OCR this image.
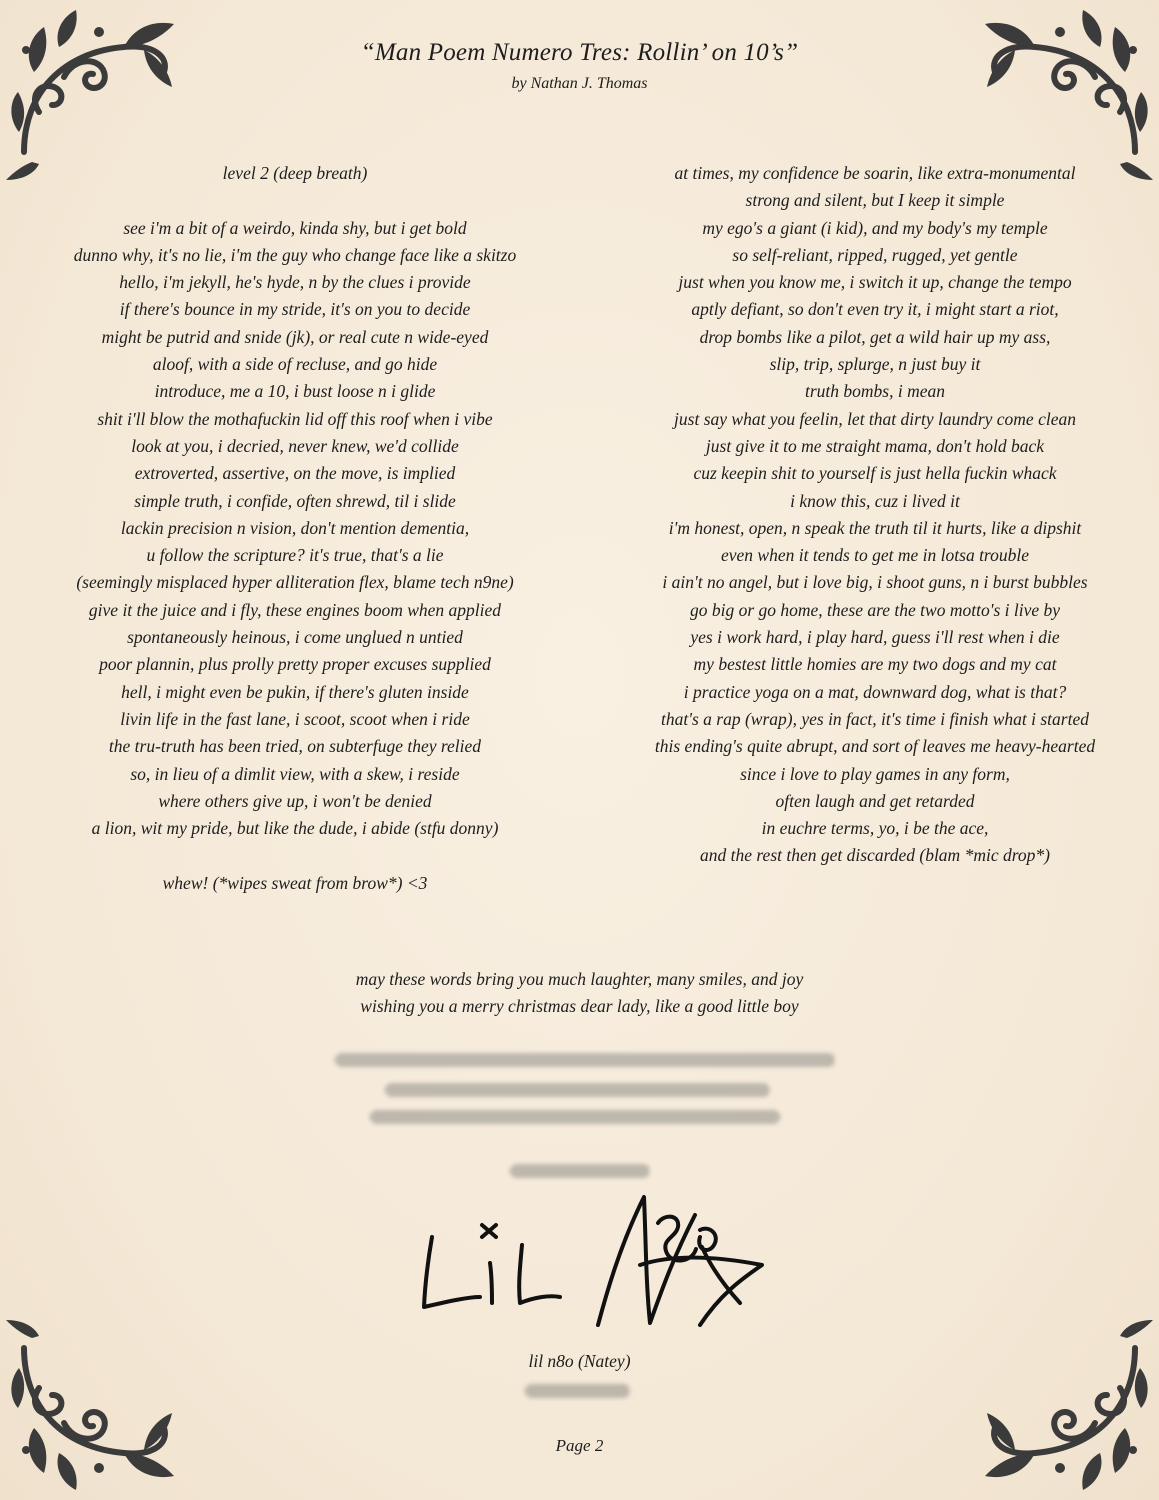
“Man Poem Numero Tres: Rollin’ on 10’s”
by Nathan J. Thomas
level 2 (deep breath)
see i'm a bit of a weirdo, kinda shy, but i get bold
dunno why, it's no lie, i'm the guy who change face like a skitzo
hello, i'm jekyll, he's hyde, n by the clues i provide
if there's bounce in my stride, it's on you to decide
might be putrid and snide (jk), or real cute n wide-eyed
aloof, with a side of recluse, and go hide
introduce, me a 10, i bust loose n i glide
shit i'll blow the mothafuckin lid off this roof when i vibe
look at you, i decried, never knew, we'd collide
extroverted, assertive, on the move, is implied
simple truth, i confide, often shrewd, til i slide
lackin precision n vision, don't mention dementia,
u follow the scripture? it's true, that's a lie
(seemingly misplaced hyper alliteration flex, blame tech n9ne)
give it the juice and i fly, these engines boom when applied
spontaneously heinous, i come unglued n untied
poor plannin, plus prolly pretty proper excuses supplied
hell, i might even be pukin, if there's gluten inside
livin life in the fast lane, i scoot, scoot when i ride
the tru-truth has been tried, on subterfuge they relied
so, in lieu of a dimlit view, with a skew, i reside
where others give up, i won't be denied
a lion, wit my pride, but like the dude, i abide (stfu donny)
whew! (*wipes sweat from brow*) <3
at times, my confidence be soarin, like extra-monumental
strong and silent, but I keep it simple
my ego's a giant (i kid), and my body's my temple
so self-reliant, ripped, rugged, yet gentle
just when you know me, i switch it up, change the tempo
aptly defiant, so don't even try it, i might start a riot,
drop bombs like a pilot, get a wild hair up my ass,
slip, trip, splurge, n just buy it
truth bombs, i mean
just say what you feelin, let that dirty laundry come clean
just give it to me straight mama, don't hold back
cuz keepin shit to yourself is just hella fuckin whack
i know this, cuz i lived it
i'm honest, open, n speak the truth til it hurts, like a dipshit
even when it tends to get me in lotsa trouble
i ain't no angel, but i love big, i shoot guns, n i burst bubbles
go big or go home, these are the two motto's i live by
yes i work hard, i play hard, guess i'll rest when i die
my bestest little homies are my two dogs and my cat
i practice yoga on a mat, downward dog, what is that?
that's a rap (wrap), yes in fact, it's time i finish what i started
this ending's quite abrupt, and sort of leaves me heavy-hearted
since i love to play games in any form,
often laugh and get retarded
in euchre terms, yo, i be the ace,
and the rest then get discarded (blam *mic drop*)
may these words bring you much laughter, many smiles, and joy
wishing you a merry christmas dear lady, like a good little boy
lil n8o (Natey)
Page 2
